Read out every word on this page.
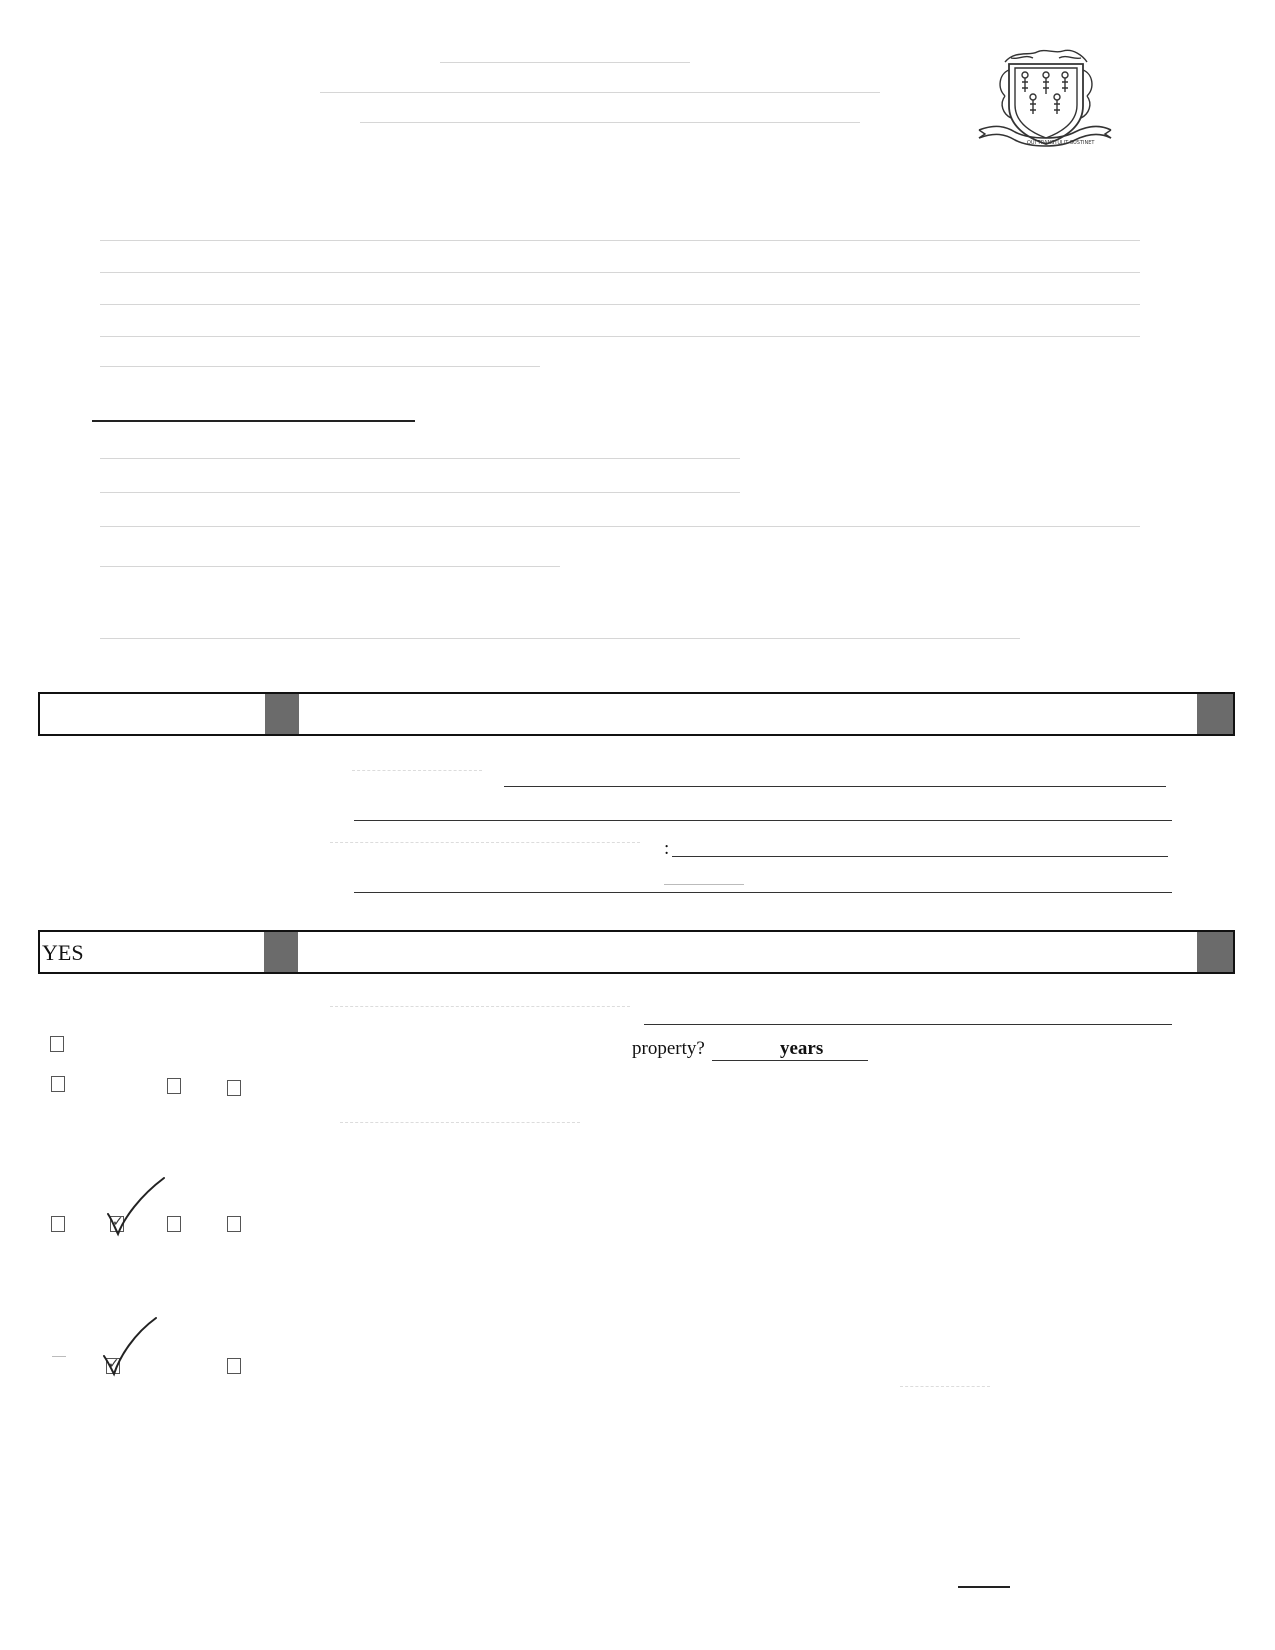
QUI TRANSTULIT SUSTINET
:
YES
property?	years
✓
✓
